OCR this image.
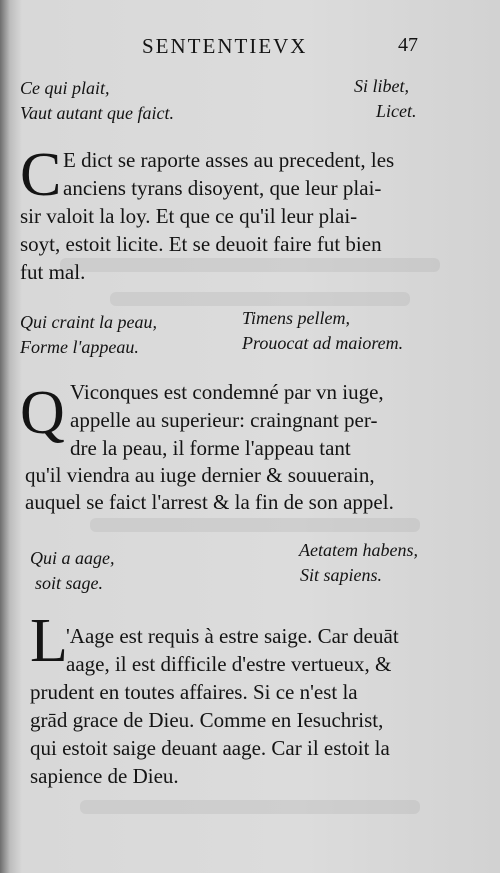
SENTENTIEVX	47
Ce qui plait,
Vaut autant que faict.
Si libet,
Licet.
C E dict se raporte asses au precedent, les
anciens tyrans disoyent, que leur plai-
sir valoit la loy. Et que ce qu'il leur plai-
soyt, estoit licite. Et se deuoit faire fut bien
fut mal.
Qui craint la peau,
Forme l'appeau.
Timens pellem,
Prouocat ad maiorem.
Q Viconques est condemné par vn iuge,
appelle au superieur: craingnant per-
dre la peau, il forme l'appeau tant
qu'il viendra au iuge dernier & souuerain,
auquel se faict l'arrest & la fin de son appel.
Qui a aage,
soit sage.
Aetatem habens,
Sit sapiens.
L
'Aage est requis à estre saige. Car deuāt
aage, il est difficile d'estre vertueux, &
prudent en toutes affaires. Si ce n'est la
grād grace de Dieu. Comme en Iesuchrist,
qui estoit saige deuant aage. Car il estoit la
sapience de Dieu.
